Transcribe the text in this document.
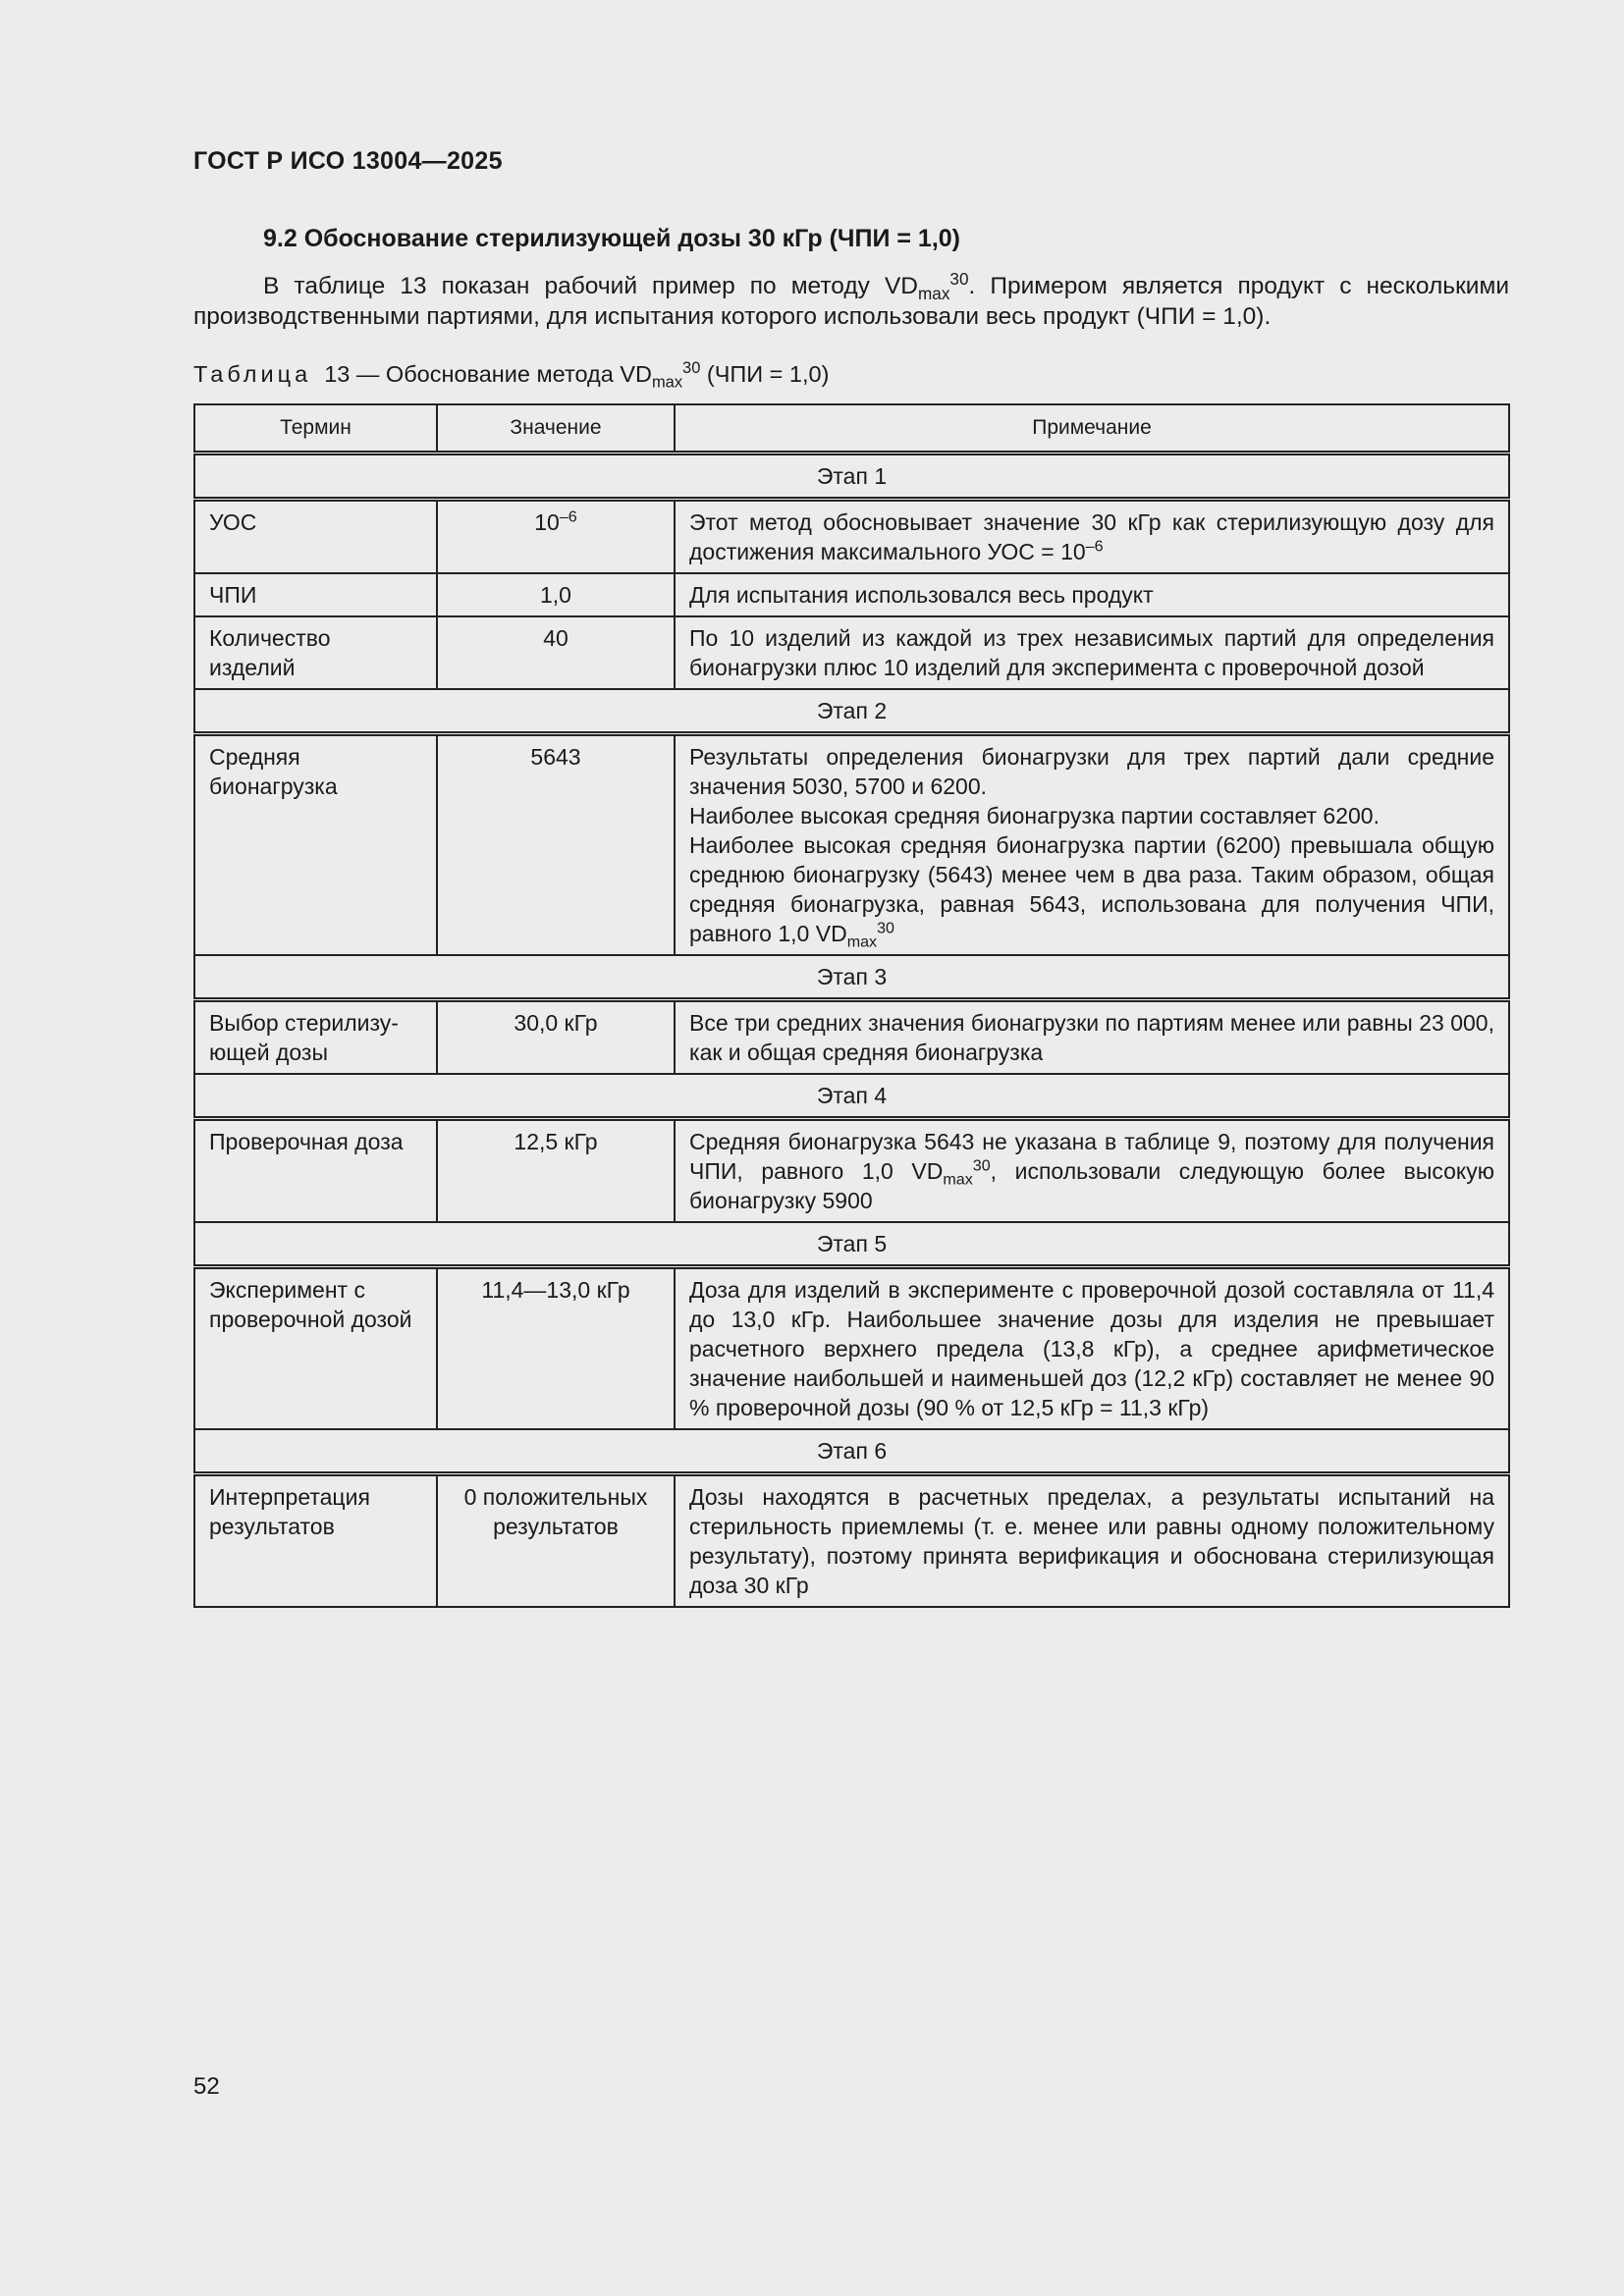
ГОСТ Р ИСО 13004—2025
9.2 Обоснование стерилизующей дозы 30 кГр (ЧПИ = 1,0)

В таблице 13 показан рабочий пример по методу $VD_{max}^{30}$. Примером является продукт с несколькими производственными партиями, для испытания которого использовали весь продукт (ЧПИ = 1,0).

Таблица 13 — Обоснование метода $VD_{max}^{30}$ (ЧПИ = 1,0)
Термин	Значение	Примечание
Этап 1		
УОС	$10^{-6}$	Этот метод обосновывает значение 30 кГр как стерилизующую дозу для достижения максимального УОС = $10^{-6}$
ЧПИ	1,0	Для испытания использовался весь продукт
Количество изделий	40	По 10 изделий из каждой из трех независимых партий для определения бионагрузки плюс 10 изделий для эксперимента с проверочной дозой
Этап 2		
Средняя бионагрузка	5643	Результаты определения бионагрузки для трех партий дали средние значения 5030, 5700 и 6200.
Наиболее высокая средняя бионагрузка партии составляет 6200.
Наиболее высокая средняя бионагрузка партии (6200) превышала общую среднюю бионагрузку (5643) менее чем в два раза. Таким образом, общая средняя бионагрузка, равная 5643, использована для получения ЧПИ, равного 1,0 $VD_{max}^{30}$

Этап 3		
Выбор стерилизующей дозы	30,0 кГр	Все три средних значения бионагрузки по партиям менее или равны 23 000, как и общая средняя бионагрузка
Этап 4		
Проверочная доза	12,5 кГр	Средняя бионагрузка 5643 не указана в таблице 9, поэтому для получения ЧПИ, равного 1,0 $VD_{max}^{30}$, использовали следующую более высокую бионагрузку 5900
Этап 5		
Эксперимент с проверочной дозой	11,4—13,0 кГр	Доза для изделий в эксперименте с проверочной дозой составляла от 11,4 до 13,0 кГр. Наибольшее значение дозы для изделия не превышает расчетного верхнего предела (13,8 кГр), а среднее арифметическое значение наибольшей и наименьшей доз (12,2 кГр) составляет не менее 90 % проверочной дозы (90 % от 12,5 кГр = 11,3 кГр)
Этап 6		
Интерпретация результатов	0 положительных результатов	Дозы находятся в расчетных пределах, а результаты испытаний на стерильность приемлемы (т. е. менее или равны одному положительному результату), поэтому принята верификация и обоснована стерилизующая доза 30 кГр
52
